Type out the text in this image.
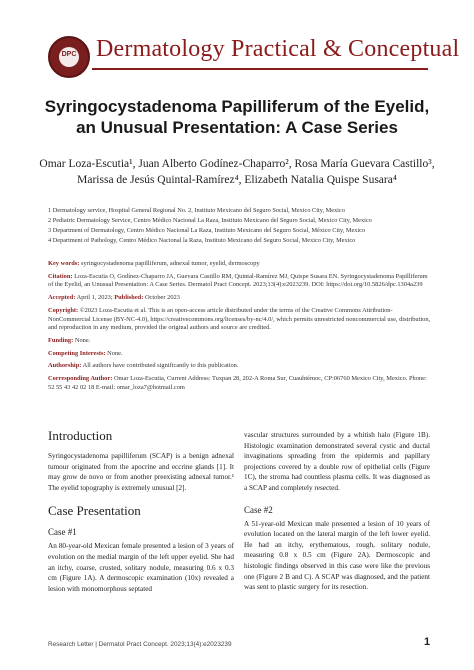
DPC Dermatology Practical & Conceptual
Syringocystadenoma Papilliferum of the Eyelid,
an Unusual Presentation: A Case Series
Omar Loza-Escutia¹, Juan Alberto Godínez-Chaparro², Rosa María Guevara Castillo³,
Marissa de Jesús Quintal-Ramírez⁴, Elizabeth Natalia Quispe Susara⁴
1 Dermatology service, Hospital General Regional No. 2, Instituto Mexicano del Seguro Social, Mexico City, Mexico
2 Pediatric Dermatology Service, Centro Médico Nacional La Raza, Instituto Mexicano del Seguro Social, Mexico City, Mexico
3 Department of Dermatology, Centro Médico Nacional La Raza, Instituto Mexicano del Seguro Social, México City, Mexico
4 Department of Pathology, Centro Médico Nacional la Raza, Instituto Mexicano del Seguro Social, Mexico City, Mexico

Key words: syringocystadenoma papilliferum, adnexal tumor, eyelid, dermoscopy

Citation: Loza-Escutia O, Godínez-Chaparro JA, Guevara Castillo RM, Quintal-Ramírez MJ, Quispe Susara EN. Syringocystadenoma Papilliferum of the Eyelid, an Unusual Presentation: A Case Series. Dermatol Pract Concept. 2023;13(4):e2023239. DOI: https://doi.org/10.5826/dpc.1304a239

Accepted: April 1, 2023; Published: October 2023

Copyright: ©2023 Loza-Escutia et al. This is an open-access article distributed under the terms of the Creative Commons Attribution-NonCommercial License (BY-NC-4.0), https://creativecommons.org/licenses/by-nc/4.0/, which permits unrestricted noncommercial use, distribution, and reproduction in any medium, provided the original authors and source are credited.

Funding: None.

Competing Interests: None.

Authorship: All authors have contributed significantly to this publication.

Corresponding Author: Omar Loza-Escutia, Current Address: Tuxpan 28, 202-A Roma Sur, Cuauhtémoc, CP:06760 Mexico City, Mexico. Phone: 52 55 43 42 02 18 E-mail: omar_loza7@hotmail.com

Introduction
Syringocystadenoma papilliferum (SCAP) is a benign adnexal tumour originated from the apocrine and eccrine glands [1]. It may grow de novo or from another preexisting adnexal tumor.¹ The eyelid topography is extremely unusual [2].
Case Presentation
Case #1
An 80-year-old Mexican female presented a lesion of 3 years of evolution on the medial margin of the left upper eyelid. She had an itchy, coarse, crusted, solitary nodule, measuring 0.6 x 0.3 cm (Figure 1A). A dermoscopic examination (10x) revealed a lesion with monomorphous septated
vascular structures surrounded by a whitish halo (Figure 1B). Histologic examination demonstrated several cystic and ductal invaginations spreading from the epidermis and papillary projections covered by a double row of epithelial cells (Figure 1C), the stroma had countless plasma cells. It was diagnosed as a SCAP and completely resected.
Case #2
A 51-year-old Mexican male presented a lesion of 10 years of evolution located on the lateral margin of the left lower eyelid. He had an itchy, erythematous, rough, solitary nodule, measuring 0.8 x 0.5 cm (Figure 2A). Dermoscopic and histologic findings observed in this case were like the previous one (Figure 2 B and C). A SCAP was diagnosed, and the patient was sent to plastic surgery for its resection.
Research Letter | Dermatol Pract Concept. 2023;13(4):e2023239	1
